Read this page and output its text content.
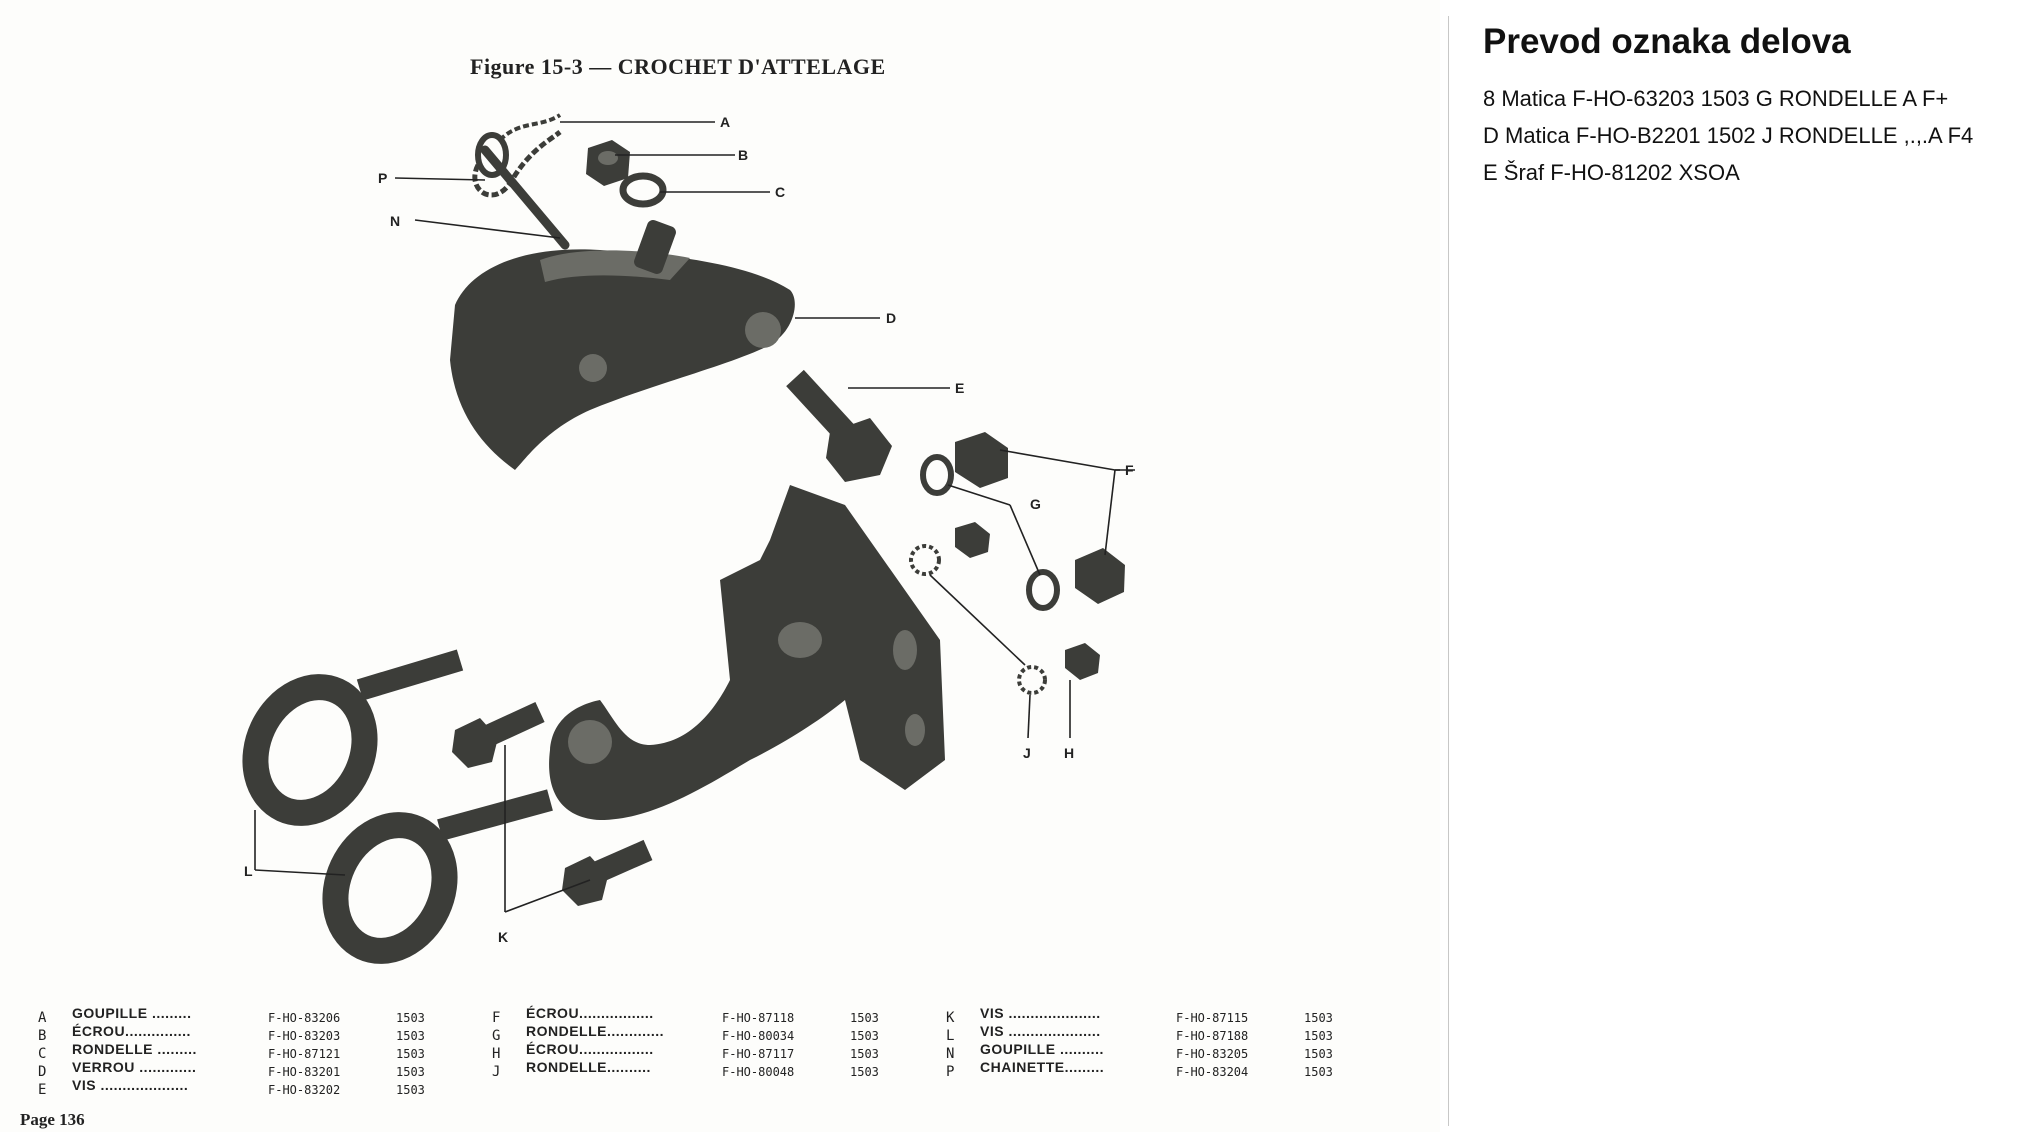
Figure 15-3 — CROCHET D'ATTELAGE
A
B
C
D
E
F
G
H
J
K
L
N
P
A GOUPILLE .........	F-HO-83206	1503
B ÉCROU...............	F-HO-83203	1503
C RONDELLE .........	F-HO-87121	1503
D VERROU .............	F-HO-83201	1503
E VIS ....................	F-HO-83202	1503
F ÉCROU.................	F-HO-87118	1503
G RONDELLE.............	F-HO-80034	1503
H ÉCROU.................	F-HO-87117	1503
J RONDELLE..........	F-HO-80048	1503
K VIS .....................	F-HO-87115	1503
L VIS .....................	F-HO-87188	1503
N GOUPILLE ..........	F-HO-83205	1503
P CHAINETTE.........	F-HO-83204	1503
Page 136
Prevod oznaka delova
8 Matica F-HO-63203 1503 G RONDELLE A F+
D Matica F-HO-B2201 1502 J RONDELLE ,.,.A F4
E Šraf F-HO-81202 XSOA
